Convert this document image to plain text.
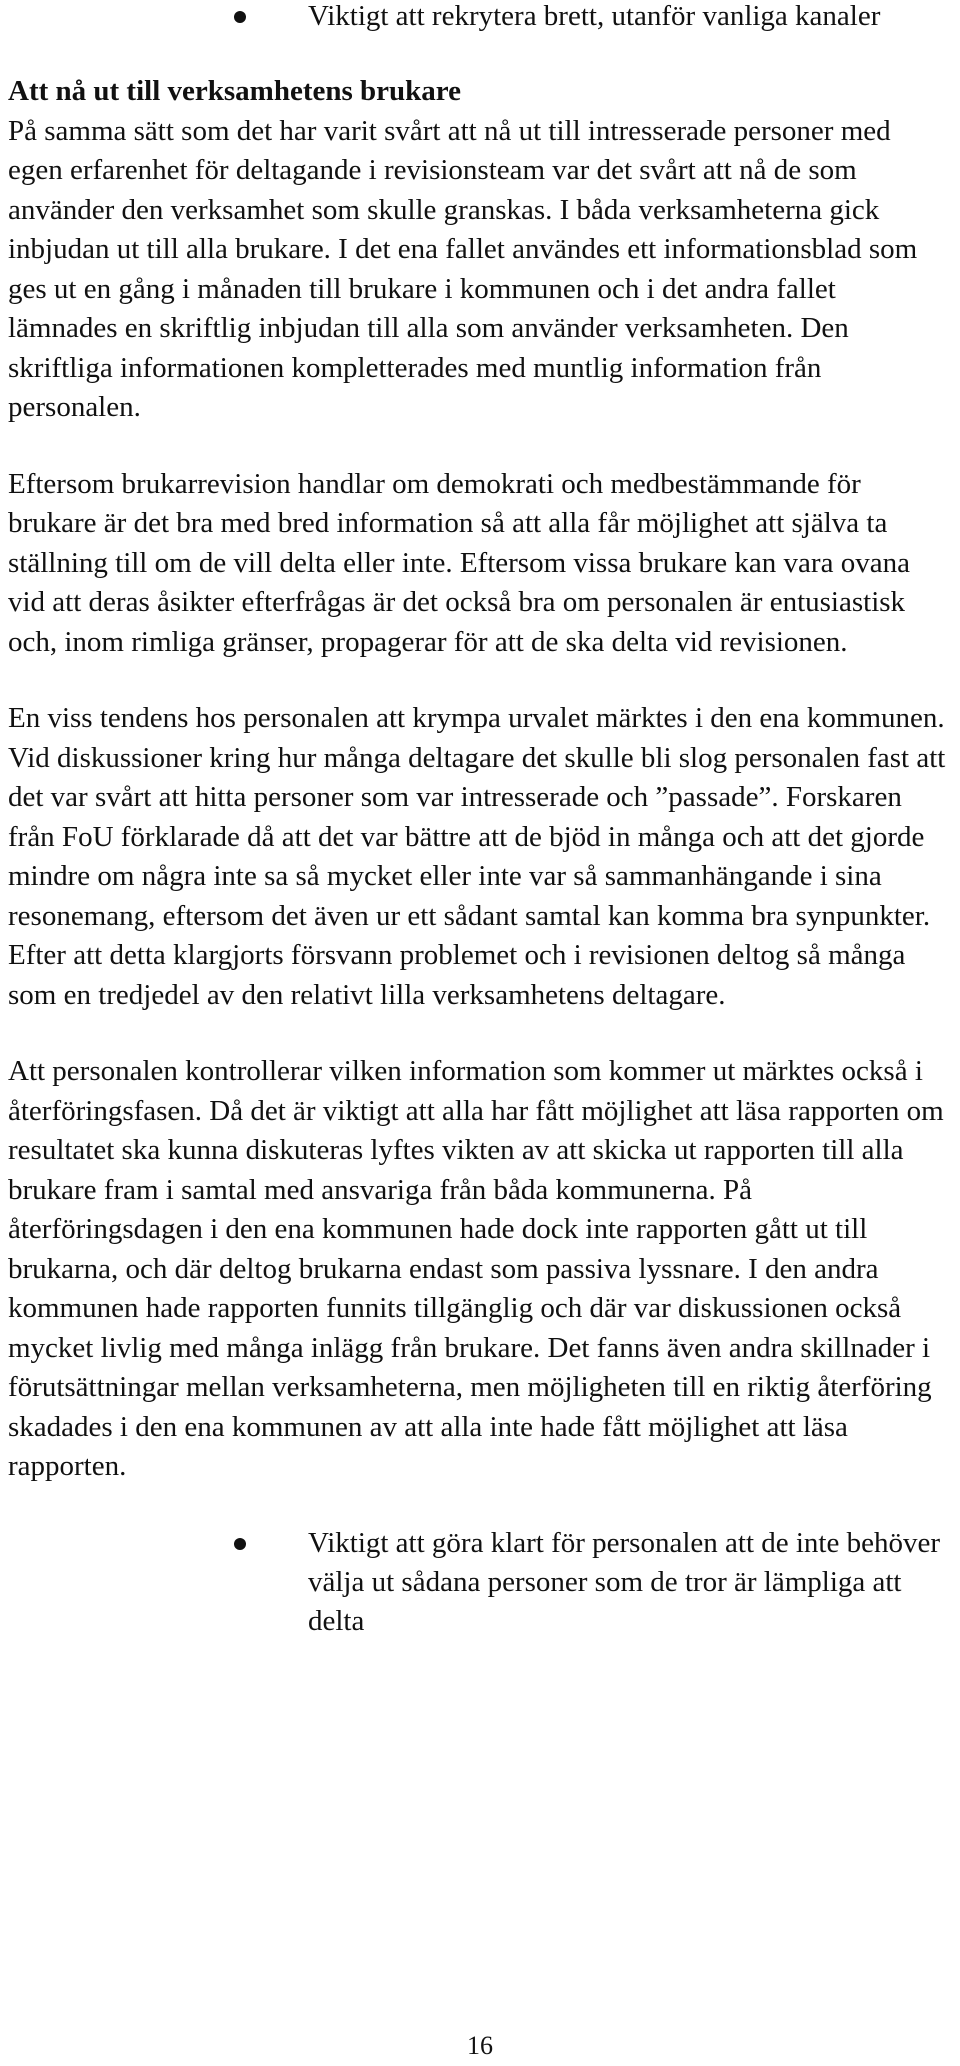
Viktigt att rekrytera brett, utanför vanliga kanaler

Att nå ut till verksamhetens brukare

På samma sätt som det har varit svårt att nå ut till intresserade personer med egen erfarenhet för deltagande i revisionsteam var det svårt att nå de som använder den verksamhet som skulle granskas. I båda verksamheterna gick inbjudan ut till alla brukare. I det ena fallet användes ett informationsblad som ges ut en gång i månaden till brukare i kommunen och i det andra fallet lämnades en skriftlig inbjudan till alla som använder verksamheten. Den skriftliga informationen kompletterades med muntlig information från personalen.

Eftersom brukarrevision handlar om demokrati och medbestämmande för brukare är det bra med bred information så att alla får möjlighet att själva ta ställning till om de vill delta eller inte. Eftersom vissa brukare kan vara ovana vid att deras åsikter efterfrågas är det också bra om personalen är entusiastisk och, inom rimliga gränser, propagerar för att de ska delta vid revisionen.

En viss tendens hos personalen att krympa urvalet märktes i den ena kommunen. Vid diskussioner kring hur många deltagare det skulle bli slog personalen fast att det var svårt att hitta personer som var intresserade och ”passade”. Forskaren från FoU förklarade då att det var bättre att de bjöd in många och att det gjorde mindre om några inte sa så mycket eller inte var så sammanhängande i sina resonemang, eftersom det även ur ett sådant samtal kan komma bra synpunkter. Efter att detta klargjorts försvann problemet och i revisionen deltog så många som en tredjedel av den relativt lilla verksamhetens deltagare.

Att personalen kontrollerar vilken information som kommer ut märktes också i återföringsfasen. Då det är viktigt att alla har fått möjlighet att läsa rapporten om resultatet ska kunna diskuteras lyftes vikten av att skicka ut rapporten till alla brukare fram i samtal med ansvariga från båda kommunerna. På återföringsdagen i den ena kommunen hade dock inte rapporten gått ut till brukarna, och där deltog brukarna endast som passiva lyssnare. I den andra kommunen hade rapporten funnits tillgänglig och där var diskussionen också mycket livlig med många inlägg från brukare. Det fanns även andra skillnader i förutsättningar mellan verksamheterna, men möjligheten till en riktig återföring skadades i den ena kommunen av att alla inte hade fått möjlighet att läsa rapporten.

Viktigt att göra klart för personalen att de inte behöver välja ut sådana personer som de tror är lämpliga att delta

16
